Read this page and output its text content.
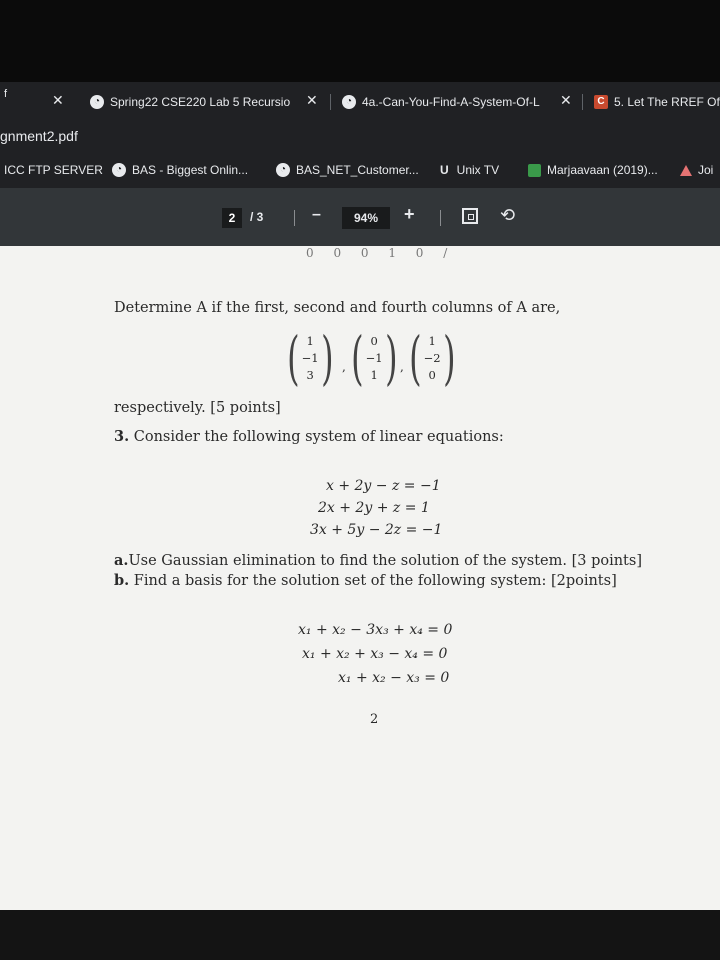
f	✕	◔ Spring22 CSE220 Lab 5 Recursio ✕	◔ 4a.-Can-You-Find-A-System-Of-L ✕	C 5. Let The RREF Of
gnment2.pdf
ICC FTP SERVER	◔ BAS - Biggest Onlin...	◔ BAS_NET_Customer... U Unix TV	Marjaavaan (2019)...	Joi
2	/ 3	–	94%	+	⟲
0 0 0 1 0 /
Determine A if the first, second and fourth columns of A are,
( 1
−1
3 ) , ( 0
−1
1 ) , ( 1
−2
0 )
respectively. [5 points]
3. Consider the following system of linear equations:
x + 2y − z = −1
2x + 2y + z = 1
3x + 5y − 2z = −1
a.Use Gaussian elimination to find the solution of the system. [3 points]
b. Find a basis for the solution set of the following system: [2points]
x₁ + x₂ − 3x₃ + x₄ = 0
x₁ + x₂ + x₃ − x₄ = 0
x₁ + x₂ − x₃ = 0
2
